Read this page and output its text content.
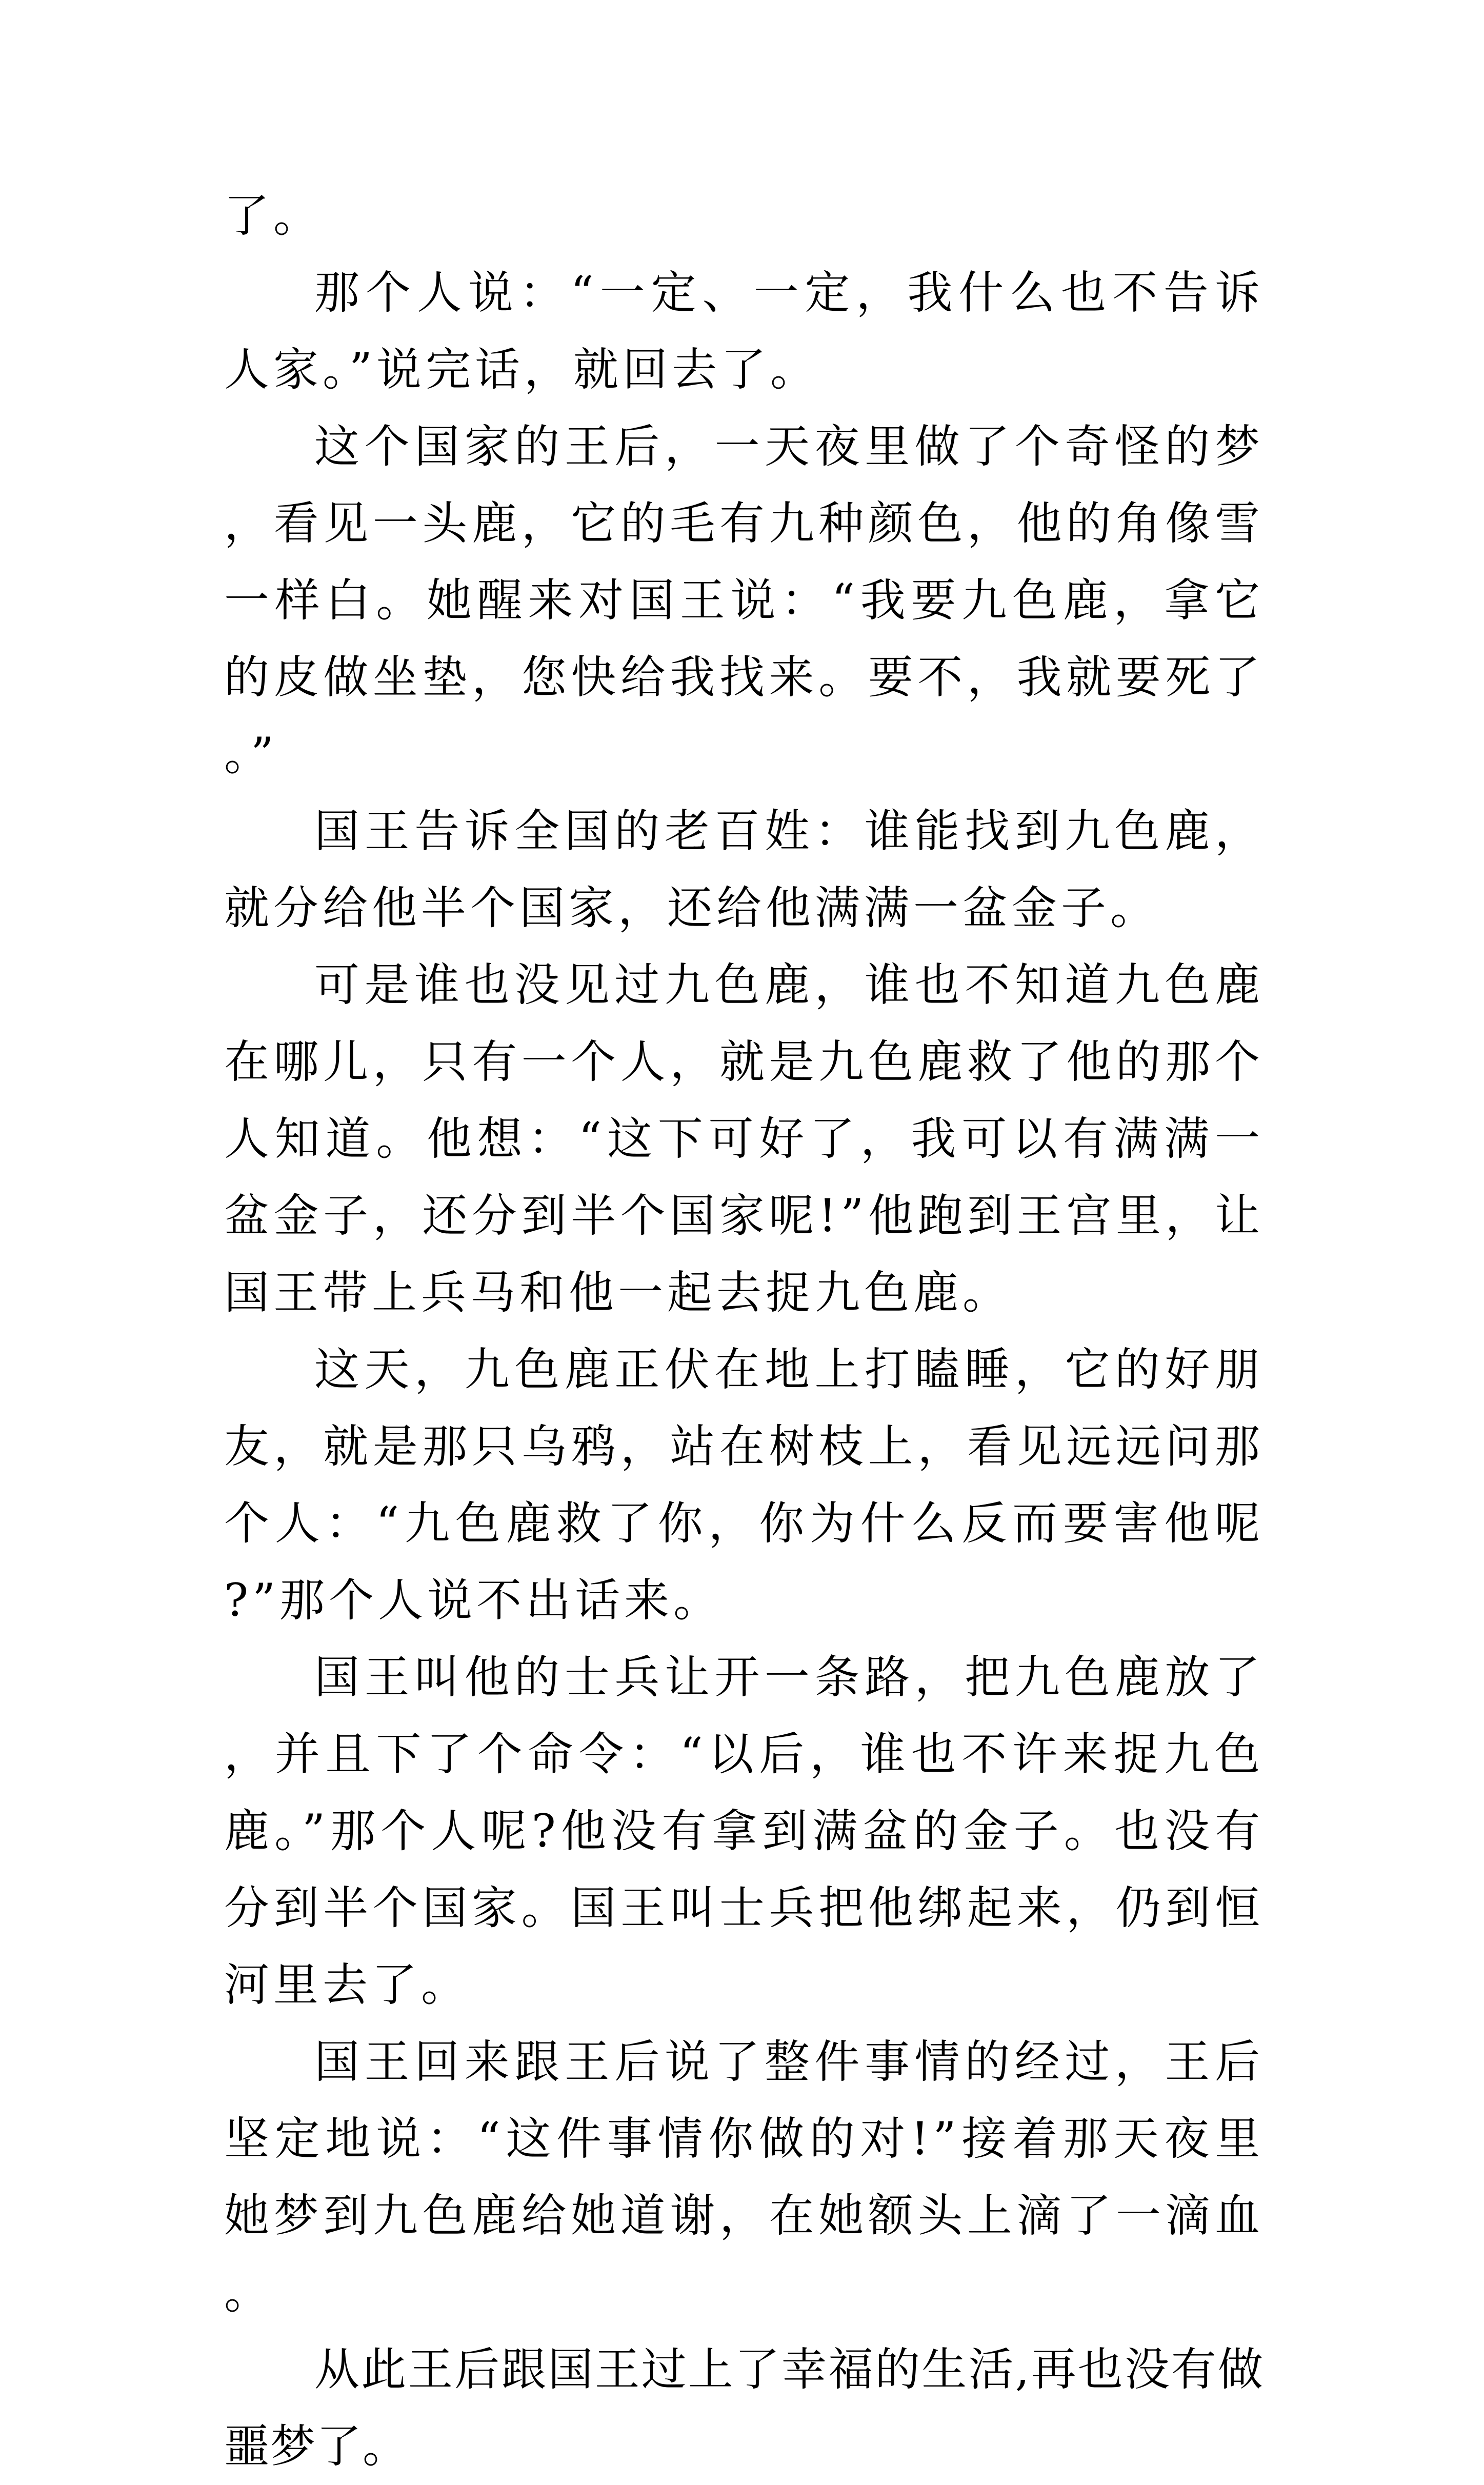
了。

那个人说：“一定、一定，我什么也不告诉人家。”说完话，就回去了。

这个国家的王后，一天夜里做了个奇怪的梦，看见一头鹿，它的毛有九种颜色，他的角像雪一样白。她醒来对国王说：“我要九色鹿，拿它的皮做坐垫，您快给我找来。要不，我就要死了。”

国王告诉全国的老百姓：谁能找到九色鹿，就分给他半个国家，还给他满满一盆金子。

可是谁也没见过九色鹿，谁也不知道九色鹿在哪儿，只有一个人，就是九色鹿救了他的那个人知道。他想：“这下可好了，我可以有满满一盆金子，还分到半个国家呢!”他跑到王宫里，让国王带上兵马和他一起去捉九色鹿。

这天，九色鹿正伏在地上打瞌睡，它的好朋友，就是那只乌鸦，站在树枝上，看见远远问那个人：“九色鹿救了你，你为什么反而要害他呢?”那个人说不出话来。

国王叫他的士兵让开一条路，把九色鹿放了，并且下了个命令：“以后，谁也不许来捉九色鹿。”那个人呢?他没有拿到满盆的金子。也没有分到半个国家。国王叫士兵把他绑起来，仍到恒河里去了。

国王回来跟王后说了整件事情的经过，王后坚定地说：“这件事情你做的对!”接着那天夜里她梦到九色鹿给她道谢，在她额头上滴了一滴血。

从此王后跟国王过上了幸福的生活,再也没有做噩梦了。
